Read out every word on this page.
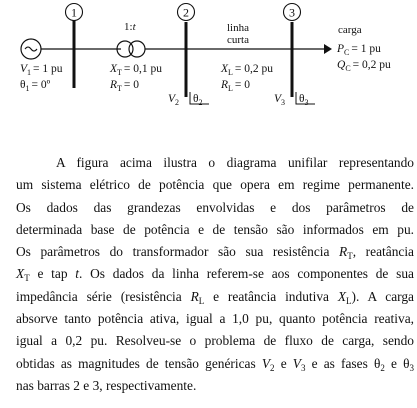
1
1:t
2
linha
curta
3
carga
$P_C = 1$ pu
$Q_C = 0,2$ pu
$V_1 = 1$ pu
$\theta_1$ = 0º
$X_T = 0,1$ pu
$R_T = 0$
$X_L = 0,2$ pu
$R_L = 0$
$V_2$ $\theta_2$	$V_3$ $\theta_3$
A figura acima ilustra o diagrama unifilar representando
um sistema elétrico de potência que opera em regime permanente.
Os dados das grandezas envolvidas e dos parâmetros de
determinada base de potência e de tensão são informados em pu.
Os parâmetros do transformador são sua resistência $R_T$, reatância
$X_T$ e tap t. Os dados da linha referem-se aos componentes de sua
impedância série (resistência $R_L$ e reatância indutiva $X_L$). A carga
absorve tanto potência ativa, igual a 1,0 pu, quanto potência reativa,
igual a 0,2 pu. Resolveu-se o problema de fluxo de carga, sendo
obtidas as magnitudes de tensão genéricas $V_2$ e $V_3$ e as fases $\theta_2$ e $\theta_3$
nas barras 2 e 3, respectivamente.
